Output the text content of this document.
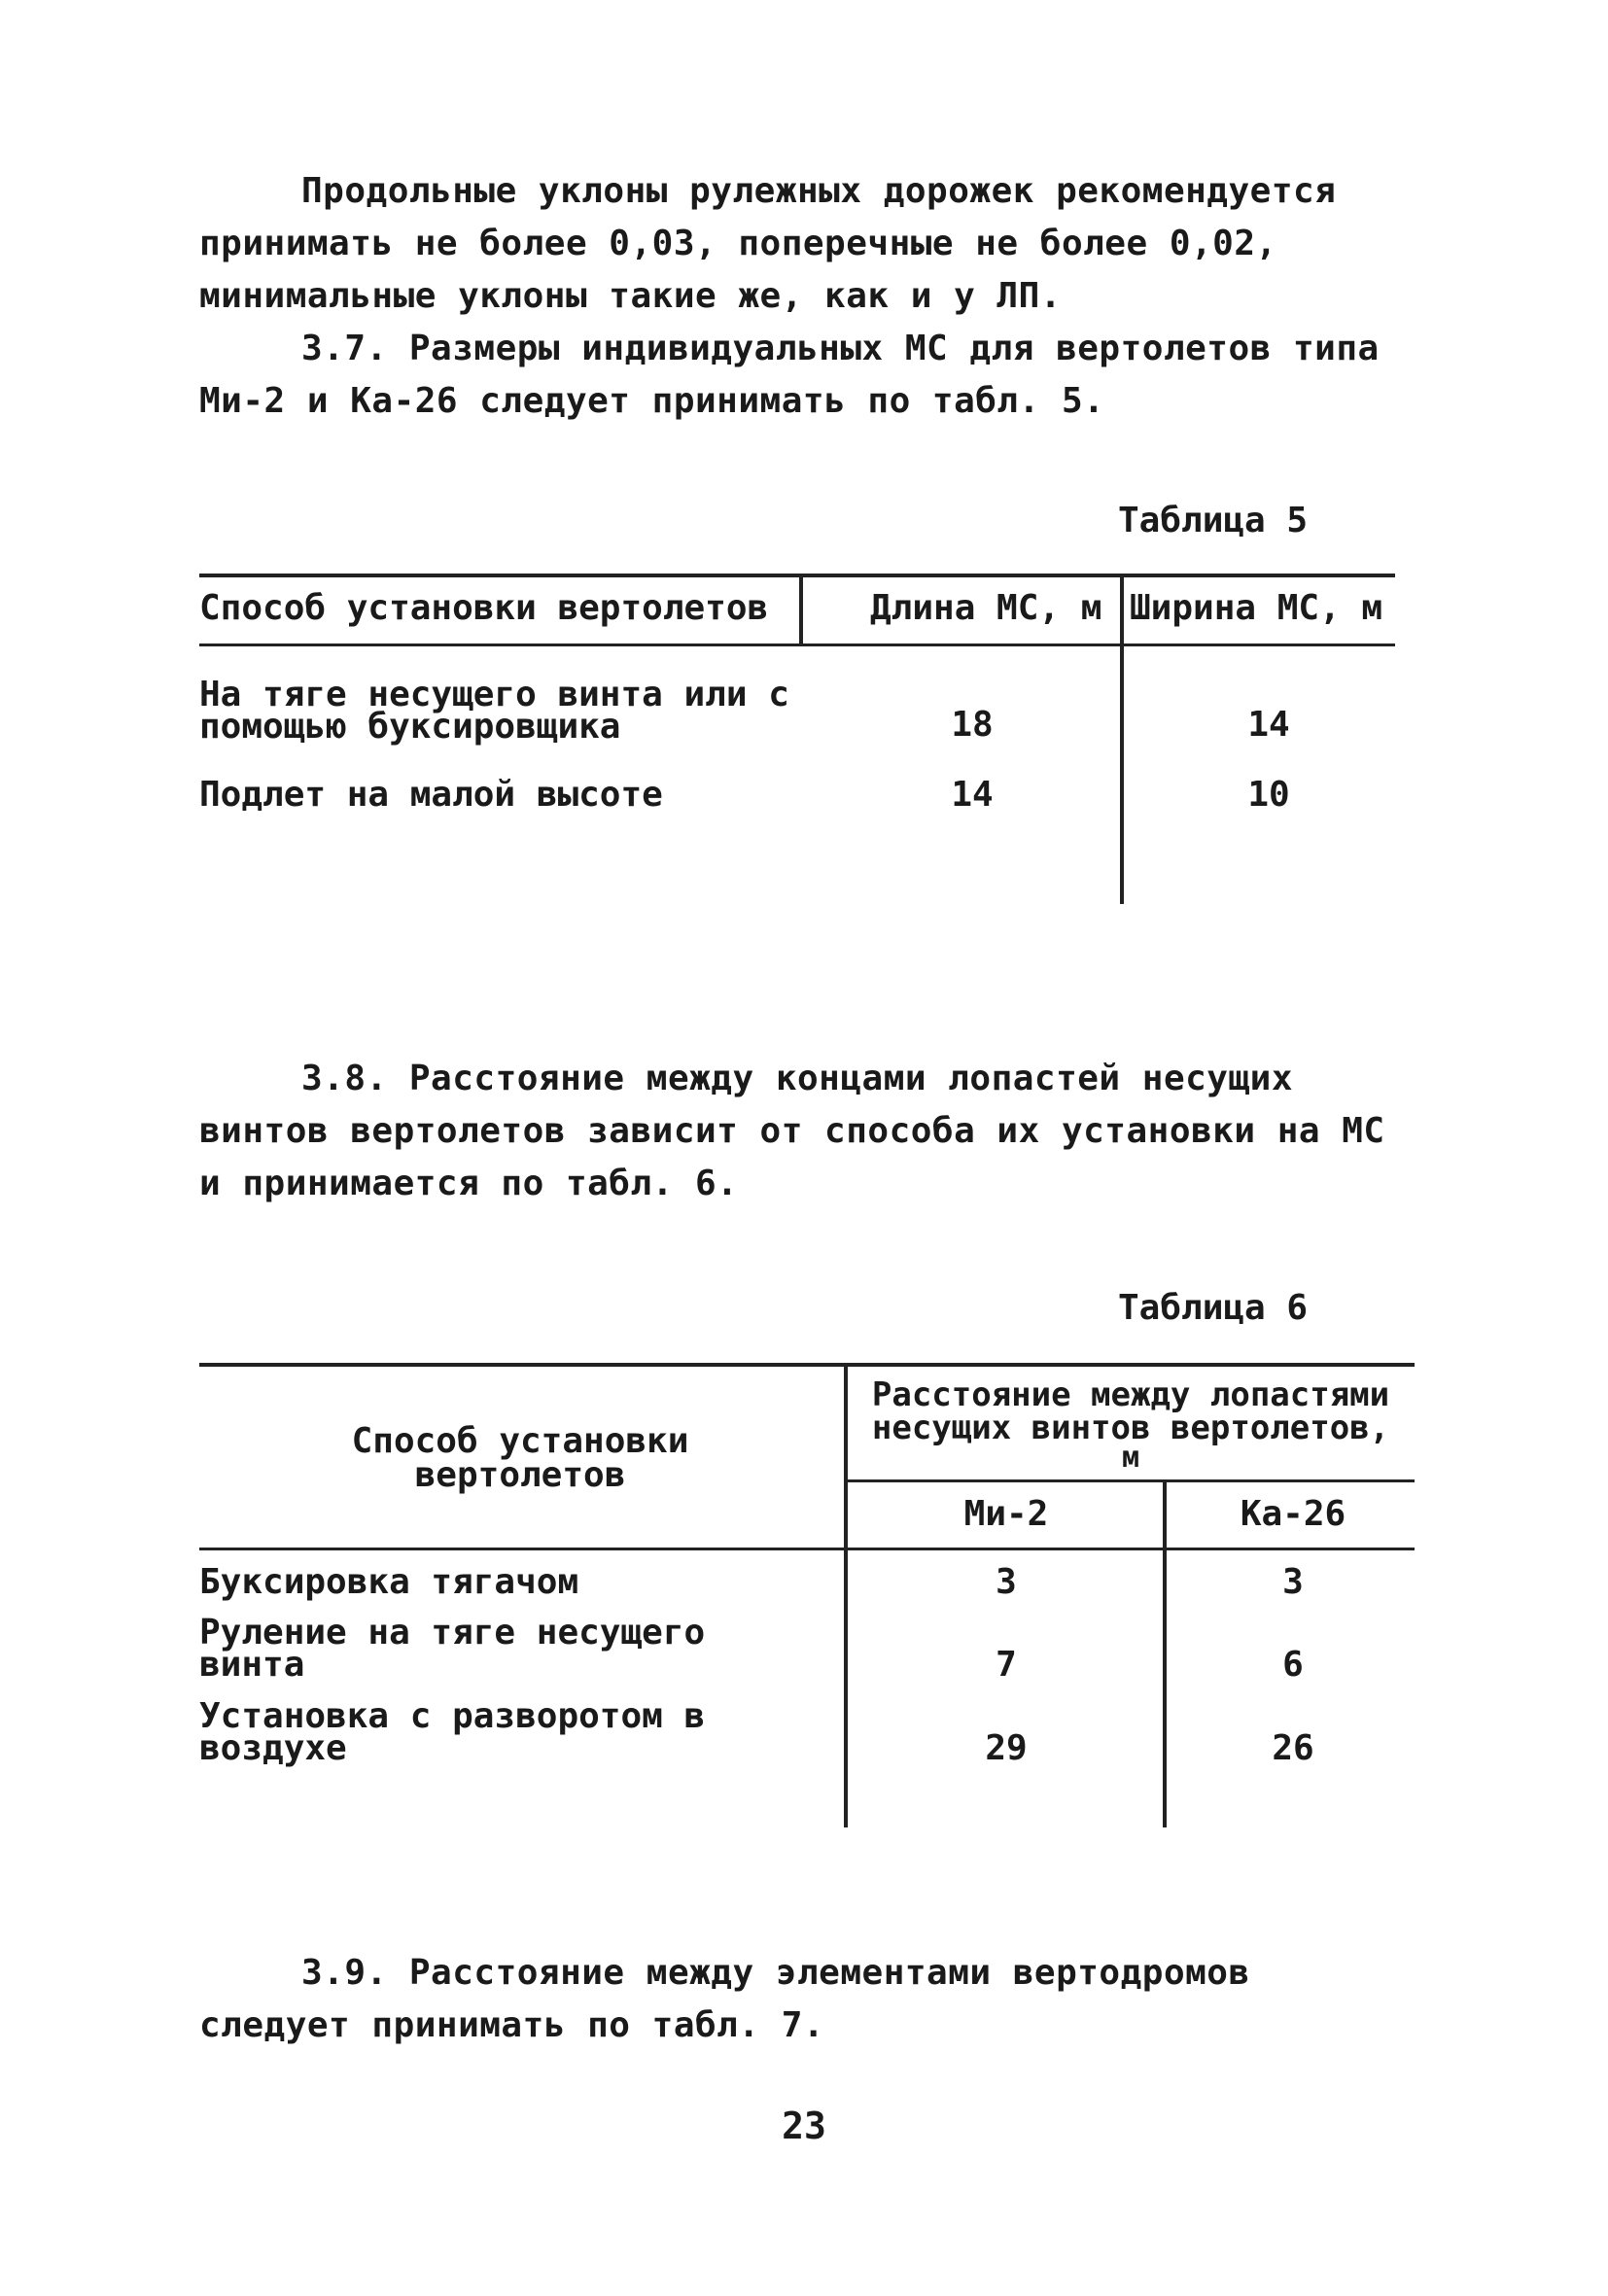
Продольные уклоны рулежных дорожек рекомендуется принимать не более 0,03, поперечные не более 0,02, минимальные уклоны такие же, как и у ЛП.

3.7. Размеры индивидуальных МС для вертолетов типа Ми-2 и Ка-26 следует принимать по табл. 5.

Таблица 5
Способ установки вертолетов	Длина МС, м Ширина МС, м
На тяге несущего винта или с
помощью буксировщика	18	14
Подлет на малой высоте	14	10

3.8. Расстояние между концами лопастей несущих винтов вертолетов зависит от способа их установки на МС и принимается по табл. 6.

Таблица 6
Способ установки
вертолетов
Расстояние между лопастями
несущих винтов вертолетов,
м
Ми-2	Ка-26
Буксировка тягачом	3	3
Руление на тяге несущего
винта	7	6
Установка с разворотом в
воздухе	29	26

3.9. Расстояние между элементами вертодромов следует принимать по табл. 7.

23
